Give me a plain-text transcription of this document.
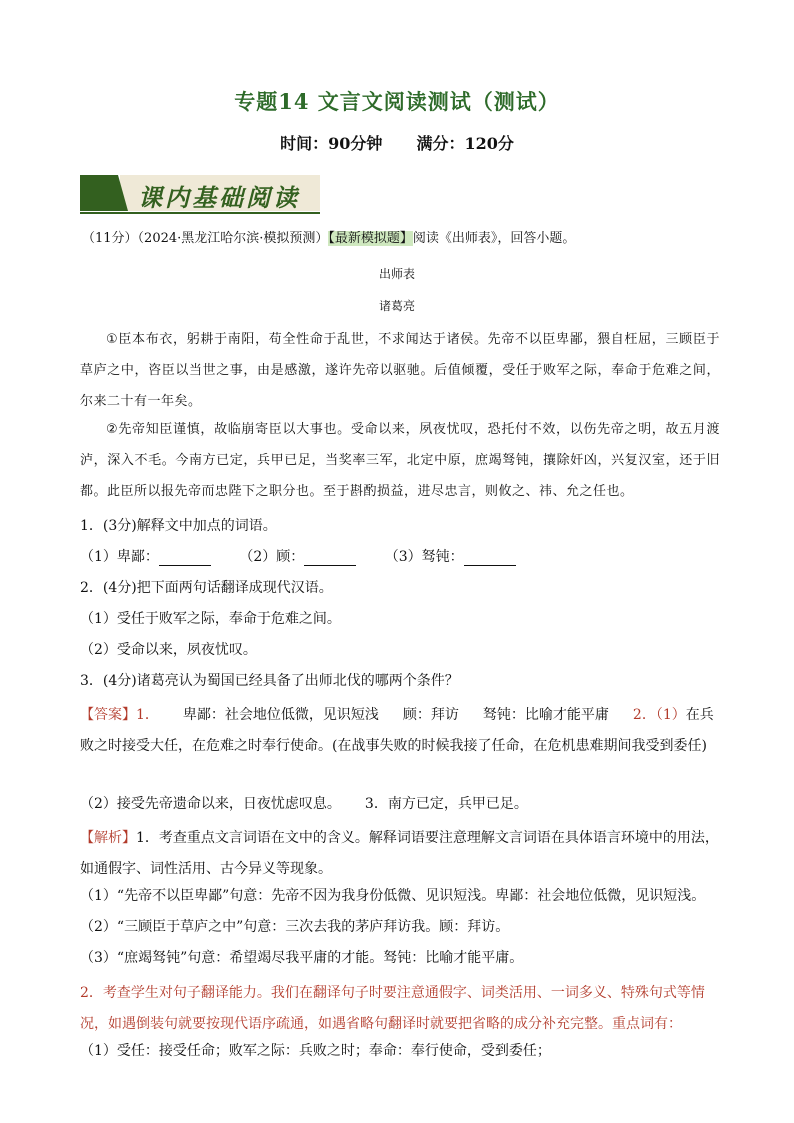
专题14 文言文阅读测试（测试）
时间：90分钟 满分：120分
课内基础阅读
（11分）（2024·黑龙江哈尔滨·模拟预测）【最新模拟题】阅读《出师表》，回答小题。
出师表
诸葛亮
①臣本布衣，躬耕于南阳，苟全性命于乱世，不求闻达于诸侯。先帝不以臣卑鄙，猥自枉屈，三顾臣于草庐之中，咨臣以当世之事，由是感激，遂许先帝以驱驰。后值倾覆，受任于败军之际，奉命于危难之间，尔来二十有一年矣。
②先帝知臣谨慎，故临崩寄臣以大事也。受命以来，夙夜忧叹，恐托付不效，以伤先帝之明，故五月渡泸，深入不毛。今南方已定，兵甲已足，当奖率三军，北定中原，庶竭驽钝，攘除奸凶，兴复汉室，还于旧都。此臣所以报先帝而忠陛下之职分也。至于斟酌损益，进尽忠言，则攸之、祎、允之任也。
1．(3分)解释文中加点的词语。
（1）卑鄙：	（2）顾：	（3）驽钝：
2．(4分)把下面两句话翻译成现代汉语。
（1）受任于败军之际，奉命于危难之间。
（2）受命以来，夙夜忧叹。
3．(4分)诸葛亮认为蜀国已经具备了出师北伐的哪两个条件？
【答案】1． 卑鄙：社会地位低微，见识短浅 顾：拜访 驽钝：比喻才能平庸 2．（1）在兵败之时接受大任，在危难之时奉行使命。(在战事失败的时候我接了任命，在危机患难期间我受到委任)
（2）接受先帝遗命以来，日夜忧虑叹息。 3．南方已定，兵甲已足。
【解析】1．考查重点文言词语在文中的含义。解释词语要注意理解文言词语在具体语言环境中的用法，如通假字、词性活用、古今异义等现象。
（1）“先帝不以臣卑鄙”句意：先帝不因为我身份低微、见识短浅。卑鄙：社会地位低微，见识短浅。
（2）“三顾臣于草庐之中”句意：三次去我的茅庐拜访我。顾：拜访。
（3）“庶竭驽钝”句意：希望竭尽我平庸的才能。驽钝：比喻才能平庸。
2．考查学生对句子翻译能力。我们在翻译句子时要注意通假字、词类活用、一词多义、特殊句式等情况，如遇倒装句就要按现代语序疏通，如遇省略句翻译时就要把省略的成分补充完整。重点词有：
（1）受任：接受任命；败军之际：兵败之时；奉命：奉行使命，受到委任；
